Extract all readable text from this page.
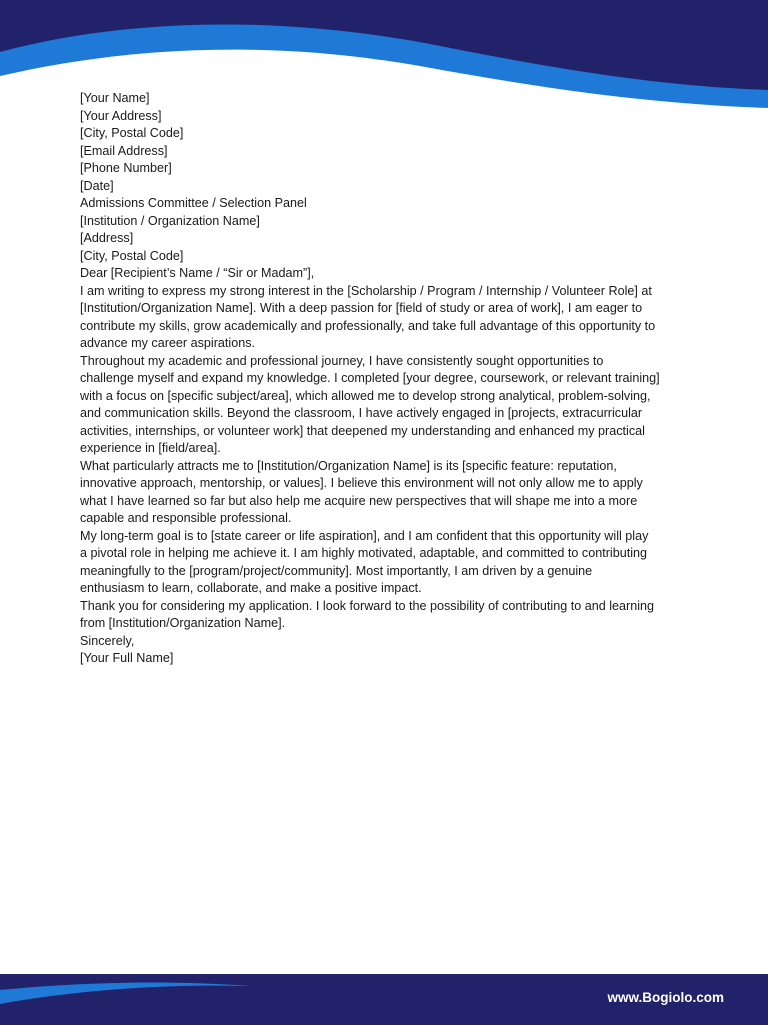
[Your Name]
[Your Address]
[City, Postal Code]
[Email Address]
[Phone Number]

[Date]

Admissions Committee / Selection Panel
[Institution / Organization Name]
[Address]
[City, Postal Code]

Dear [Recipient’s Name / “Sir or Madam”],

I am writing to express my strong interest in the [Scholarship / Program / Internship / Volunteer Role] at
[Institution/Organization Name]. With a deep passion for [field of study or area of work], I am eager to
contribute my skills, grow academically and professionally, and take full advantage of this opportunity to
advance my career aspirations.

Throughout my academic and professional journey, I have consistently sought opportunities to
challenge myself and expand my knowledge. I completed [your degree, coursework, or relevant training]
with a focus on [specific subject/area], which allowed me to develop strong analytical, problem-solving,
and communication skills. Beyond the classroom, I have actively engaged in [projects, extracurricular
activities, internships, or volunteer work] that deepened my understanding and enhanced my practical
experience in [field/area].

What particularly attracts me to [Institution/Organization Name] is its [specific feature: reputation,
innovative approach, mentorship, or values]. I believe this environment will not only allow me to apply
what I have learned so far but also help me acquire new perspectives that will shape me into a more
capable and responsible professional.

My long-term goal is to [state career or life aspiration], and I am confident that this opportunity will play
a pivotal role in helping me achieve it. I am highly motivated, adaptable, and committed to contributing
meaningfully to the [program/project/community]. Most importantly, I am driven by a genuine
enthusiasm to learn, collaborate, and make a positive impact.

Thank you for considering my application. I look forward to the possibility of contributing to and learning
from [Institution/Organization Name].

Sincerely,
[Your Full Name]

www.Bogiolo.com
